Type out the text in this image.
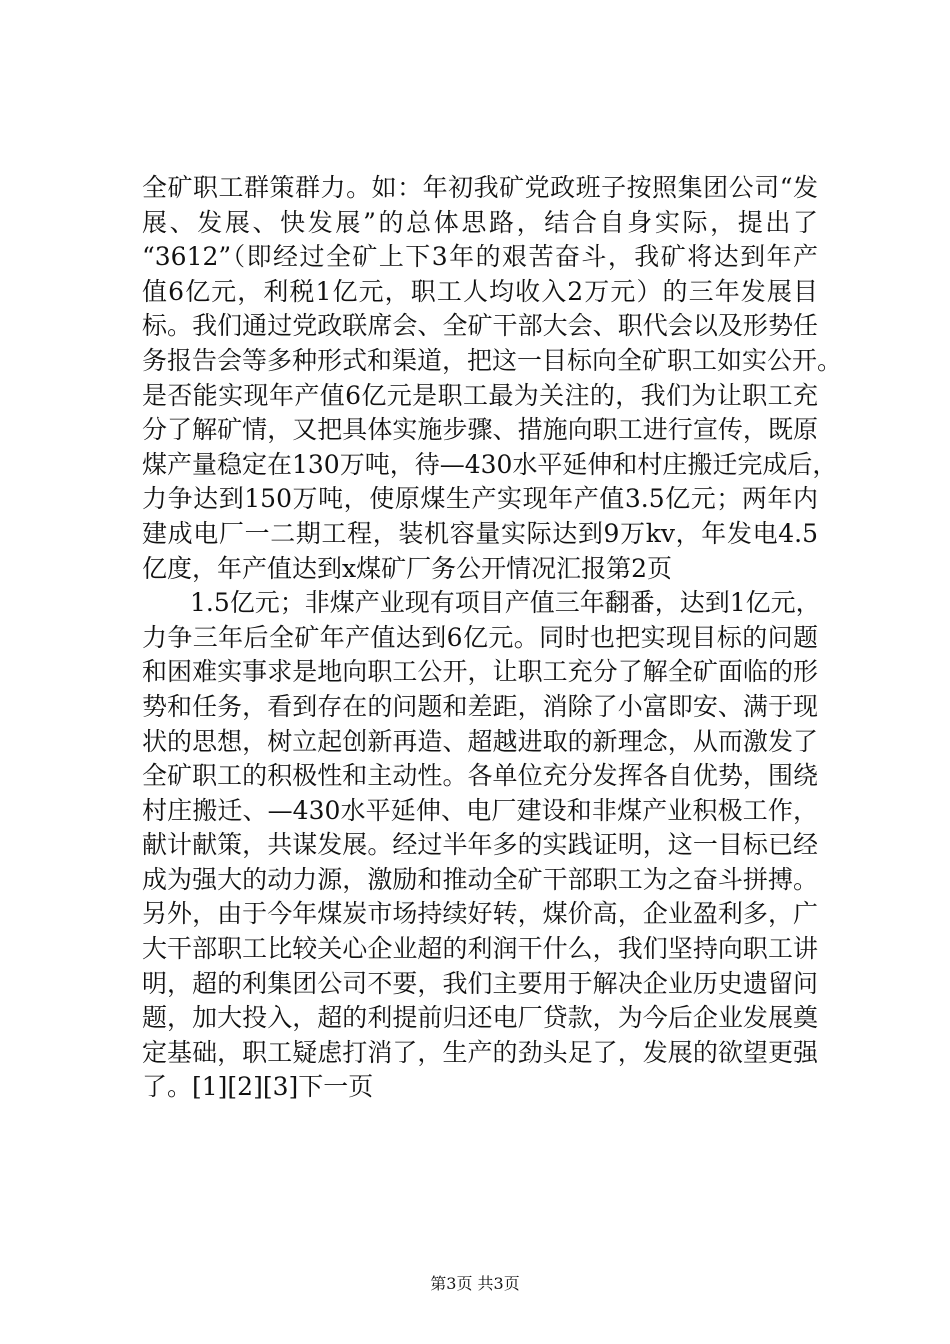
全矿职工群策群力。如：年初我矿党政班子按照集团公司“发
展、发展、快发展”的总体思路，结合自身实际，提出了
“3612”（即经过全矿上下3年的艰苦奋斗，我矿将达到年产
值6亿元，利税1亿元，职工人均收入2万元）的三年发展目
标。我们通过党政联席会、全矿干部大会、职代会以及形势任
务报告会等多种形式和渠道，把这一目标向全矿职工如实公开。
是否能实现年产值6亿元是职工最为关注的，我们为让职工充
分了解矿情，又把具体实施步骤、措施向职工进行宣传，既原
煤产量稳定在130万吨，待—430水平延伸和村庄搬迁完成后，
力争达到150万吨，使原煤生产实现年产值3.5亿元；两年内
建成电厂一二期工程，装机容量实际达到9万kv，年发电4.5
亿度，年产值达到x煤矿厂务公开情况汇报第2页
1.5亿元；非煤产业现有项目产值三年翻番，达到1亿元，
力争三年后全矿年产值达到6亿元。同时也把实现目标的问题
和困难实事求是地向职工公开，让职工充分了解全矿面临的形
势和任务，看到存在的问题和差距，消除了小富即安、满于现
状的思想，树立起创新再造、超越进取的新理念，从而激发了
全矿职工的积极性和主动性。各单位充分发挥各自优势，围绕
村庄搬迁、—430水平延伸、电厂建设和非煤产业积极工作，
献计献策，共谋发展。经过半年多的实践证明，这一目标已经
成为强大的动力源，激励和推动全矿干部职工为之奋斗拼搏。
另外，由于今年煤炭市场持续好转，煤价高，企业盈利多，广
大干部职工比较关心企业超的利润干什么，我们坚持向职工讲
明，超的利集团公司不要，我们主要用于解决企业历史遗留问
题，加大投入，超的利提前归还电厂贷款，为今后企业发展奠
定基础，职工疑虑打消了，生产的劲头足了，发展的欲望更强
了。[1][2][3]下一页
第3页 共3页
